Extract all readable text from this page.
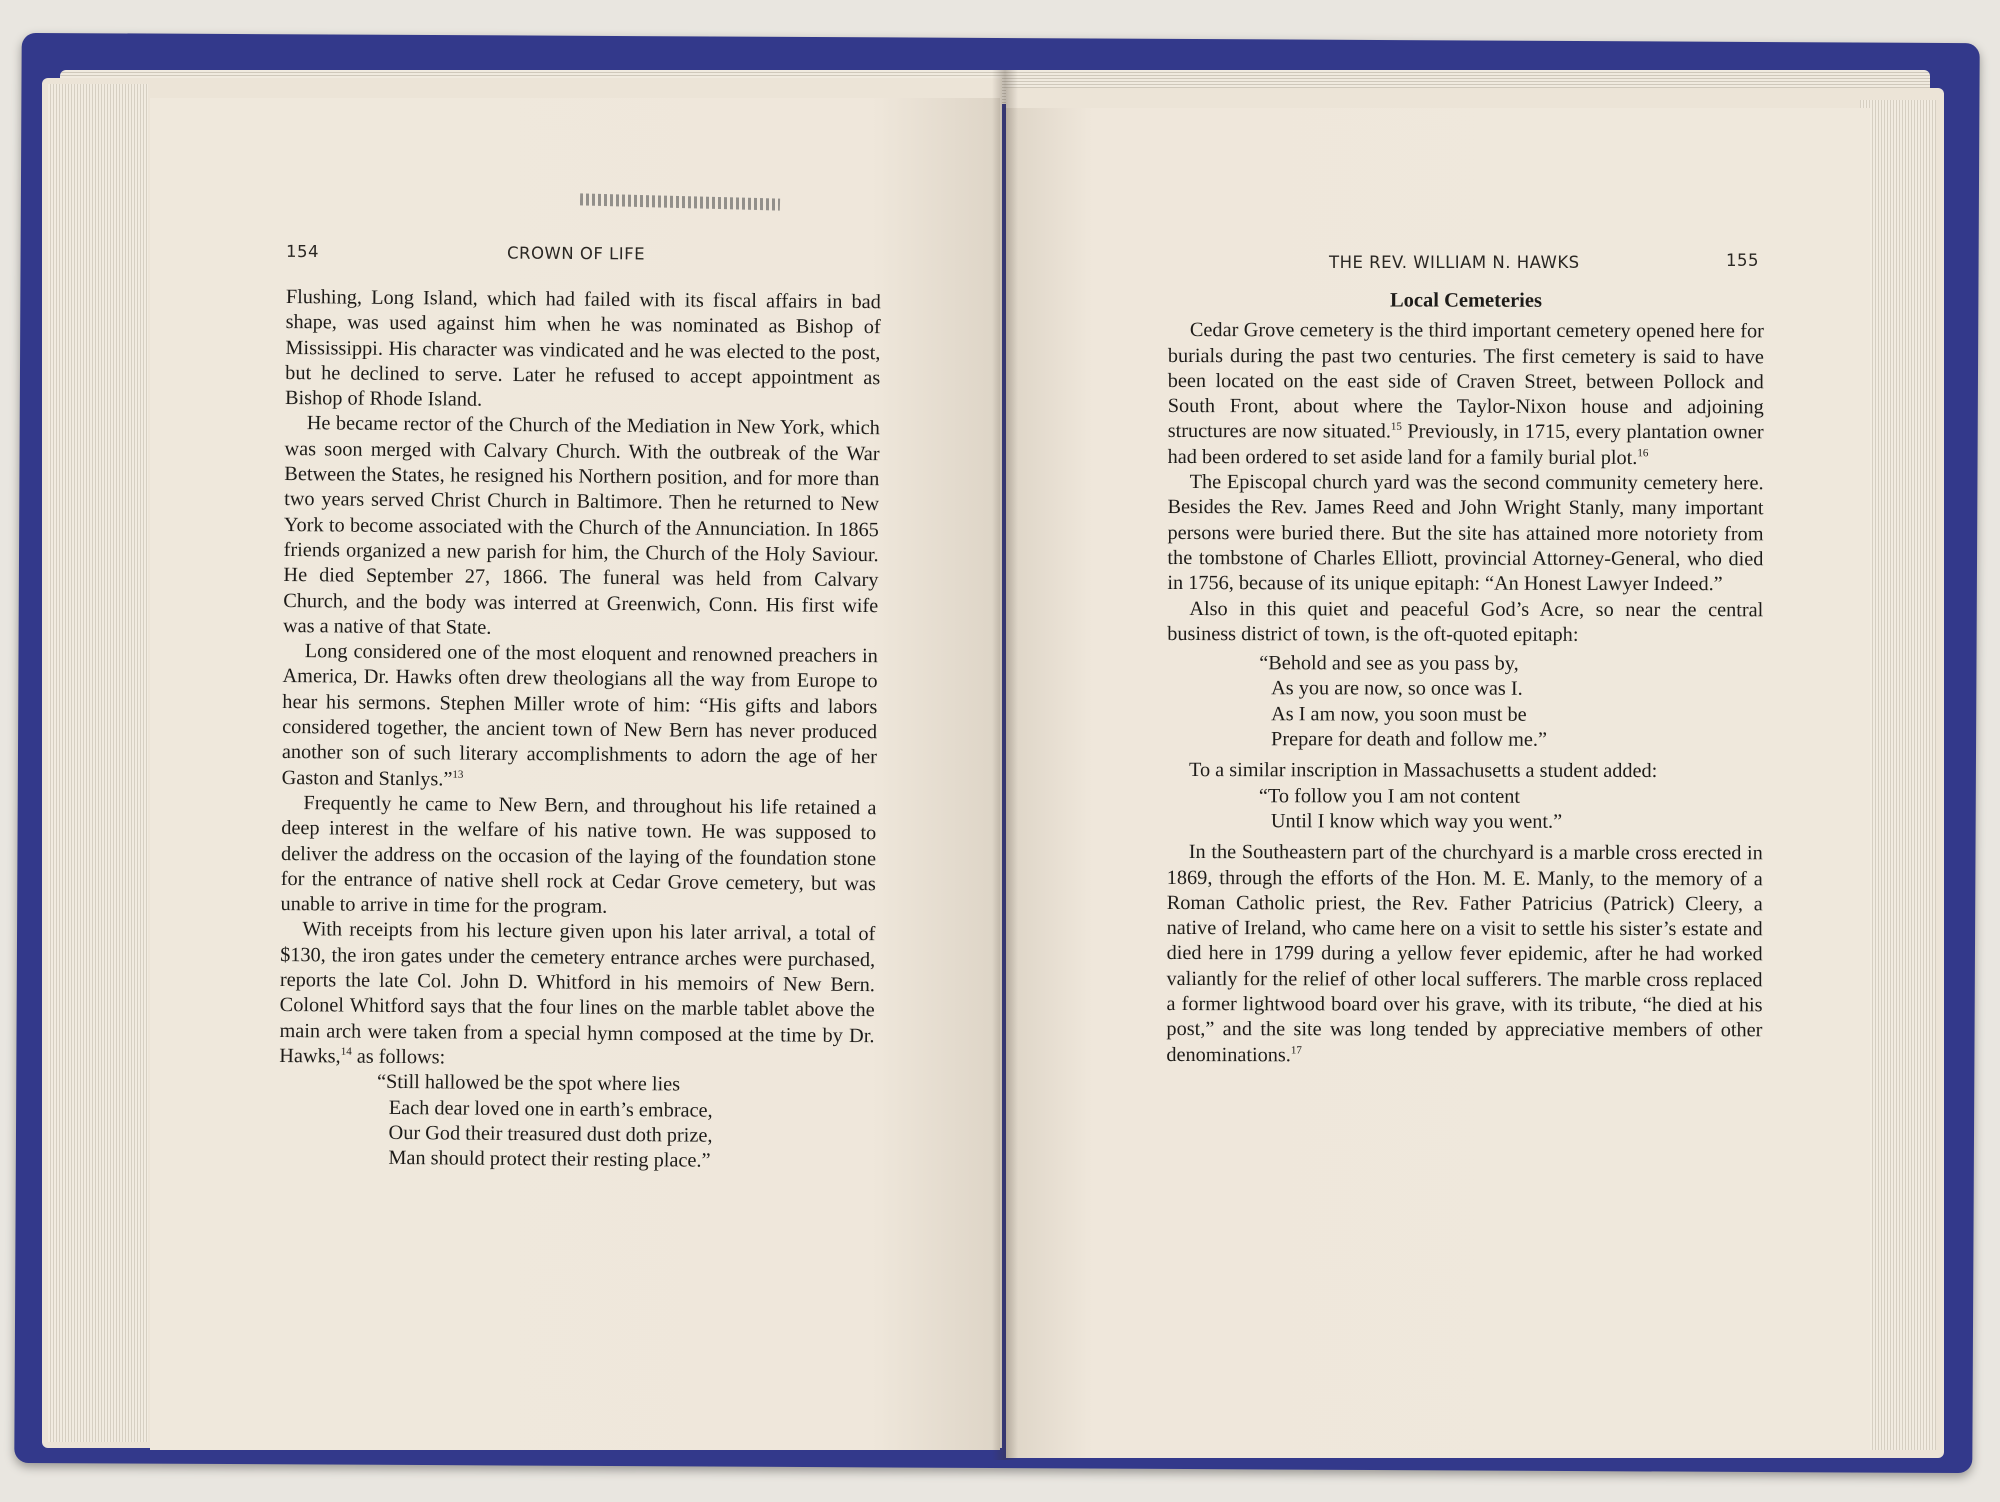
154	CROWN OF LIFE

Flushing, Long Island, which had failed with its fiscal affairs in bad shape, was used against him when he was nominated as Bishop of Mississippi. His character was vindicated and he was elected to the post, but he declined to serve. Later he refused to accept appointment as Bishop of Rhode Island.

He became rector of the Church of the Mediation in New York, which was soon merged with Calvary Church. With the outbreak of the War Between the States, he resigned his Northern position, and for more than two years served Christ Church in Baltimore. Then he returned to New York to become associated with the Church of the Annunciation. In 1865 friends organized a new parish for him, the Church of the Holy Saviour. He died September 27, 1866. The funeral was held from Calvary Church, and the body was interred at Greenwich, Conn. His first wife was a native of that State.

Long considered one of the most eloquent and renowned preachers in America, Dr. Hawks often drew theologians all the way from Europe to hear his sermons. Stephen Miller wrote of him: “His gifts and labors considered together, the ancient town of New Bern has never produced another son of such literary accomplishments to adorn the age of her Gaston and Stanlys.”$^{13}$

Frequently he came to New Bern, and throughout his life retained a deep interest in the welfare of his native town. He was supposed to deliver the address on the occasion of the laying of the foundation stone for the entrance of native shell rock at Cedar Grove cemetery, but was unable to arrive in time for the program.

With receipts from his lecture given upon his later arrival, a total of $130, the iron gates under the cemetery entrance arches were purchased, reports the late Col. John D. Whitford in his memoirs of New Bern. Colonel Whitford says that the four lines on the marble tablet above the main arch were taken from a special hymn composed at the time by Dr. Hawks,$^{14}$ as follows:

“Still hallowed be the spot where lies
Each dear loved one in earth’s embrace,
Our God their treasured dust doth prize,
Man should protect their resting place.”
THE REV. WILLIAM N. HAWKS	155

Local Cemeteries

Cedar Grove cemetery is the third important cemetery opened here for burials during the past two centuries. The first cemetery is said to have been located on the east side of Craven Street, between Pollock and South Front, about where the Taylor-Nixon house and adjoining structures are now situated.$^{15}$ Previously, in 1715, every plantation owner had been ordered to set aside land for a family burial plot.$^{16}$

The Episcopal church yard was the second community cemetery here. Besides the Rev. James Reed and John Wright Stanly, many important persons were buried there. But the site has attained more notoriety from the tombstone of Charles Elliott, provincial Attorney-General, who died in 1756, because of its unique epitaph: “An Honest Lawyer Indeed.”

Also in this quiet and peaceful God’s Acre, so near the central business district of town, is the oft-quoted epitaph:

“Behold and see as you pass by,
As you are now, so once was I.
As I am now, you soon must be
Prepare for death and follow me.”

To a similar inscription in Massachusetts a student added:

“To follow you I am not content
Until I know which way you went.”

In the Southeastern part of the churchyard is a marble cross erected in 1869, through the efforts of the Hon. M. E. Manly, to the memory of a Roman Catholic priest, the Rev. Father Patricius (Patrick) Cleery, a native of Ireland, who came here on a visit to settle his sister’s estate and died here in 1799 during a yellow fever epidemic, after he had worked valiantly for the relief of other local sufferers. The marble cross replaced a former lightwood board over his grave, with its tribute, “he died at his post,” and the site was long tended by appreciative members of other denominations.$^{17}$
